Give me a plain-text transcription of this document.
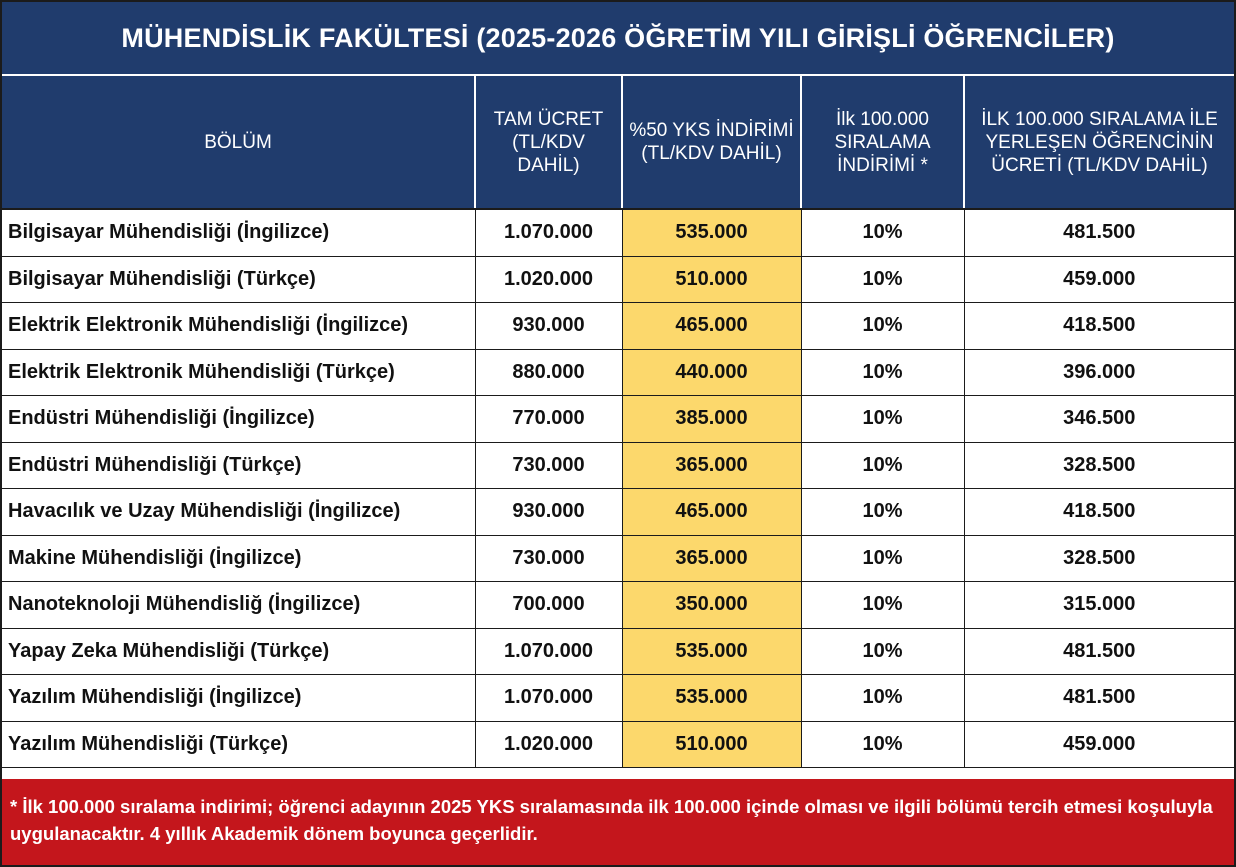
MÜHENDİSLİK FAKÜLTESİ (2025-2026 ÖĞRETİM YILI GİRİŞLİ ÖĞRENCİLER)
BÖLÜM	TAM ÜCRET (TL/KDV DAHİL)	%50 YKS İNDİRİMİ (TL/KDV DAHİL)	İlk 100.000 SIRALAMA İNDİRİMİ *	İLK 100.000 SIRALAMA İLE YERLEŞEN ÖĞRENCİNİN ÜCRETİ (TL/KDV DAHİL)
Bilgisayar Mühendisliği (İngilizce)	1.070.000	535.000	10%	481.500
Bilgisayar Mühendisliği (Türkçe)	1.020.000	510.000	10%	459.000
Elektrik Elektronik Mühendisliği (İngilizce)	930.000	465.000	10%	418.500
Elektrik Elektronik Mühendisliği (Türkçe)	880.000	440.000	10%	396.000
Endüstri Mühendisliği (İngilizce)	770.000	385.000	10%	346.500
Endüstri Mühendisliği (Türkçe)	730.000	365.000	10%	328.500
Havacılık ve Uzay Mühendisliği (İngilizce)	930.000	465.000	10%	418.500
Makine Mühendisliği (İngilizce)	730.000	365.000	10%	328.500
Nanoteknoloji Mühendisliğ (İngilizce)	700.000	350.000	10%	315.000
Yapay Zeka Mühendisliği (Türkçe)	1.070.000	535.000	10%	481.500
Yazılım Mühendisliği (İngilizce)	1.070.000	535.000	10%	481.500
Yazılım Mühendisliği (Türkçe)	1.020.000	510.000	10%	459.000
* İlk 100.000 sıralama indirimi; öğrenci adayının 2025 YKS sıralamasında ilk 100.000 içinde olması ve ilgili bölümü tercih etmesi koşuluyla uygulanacaktır. 4 yıllık Akademik dönem boyunca geçerlidir.
